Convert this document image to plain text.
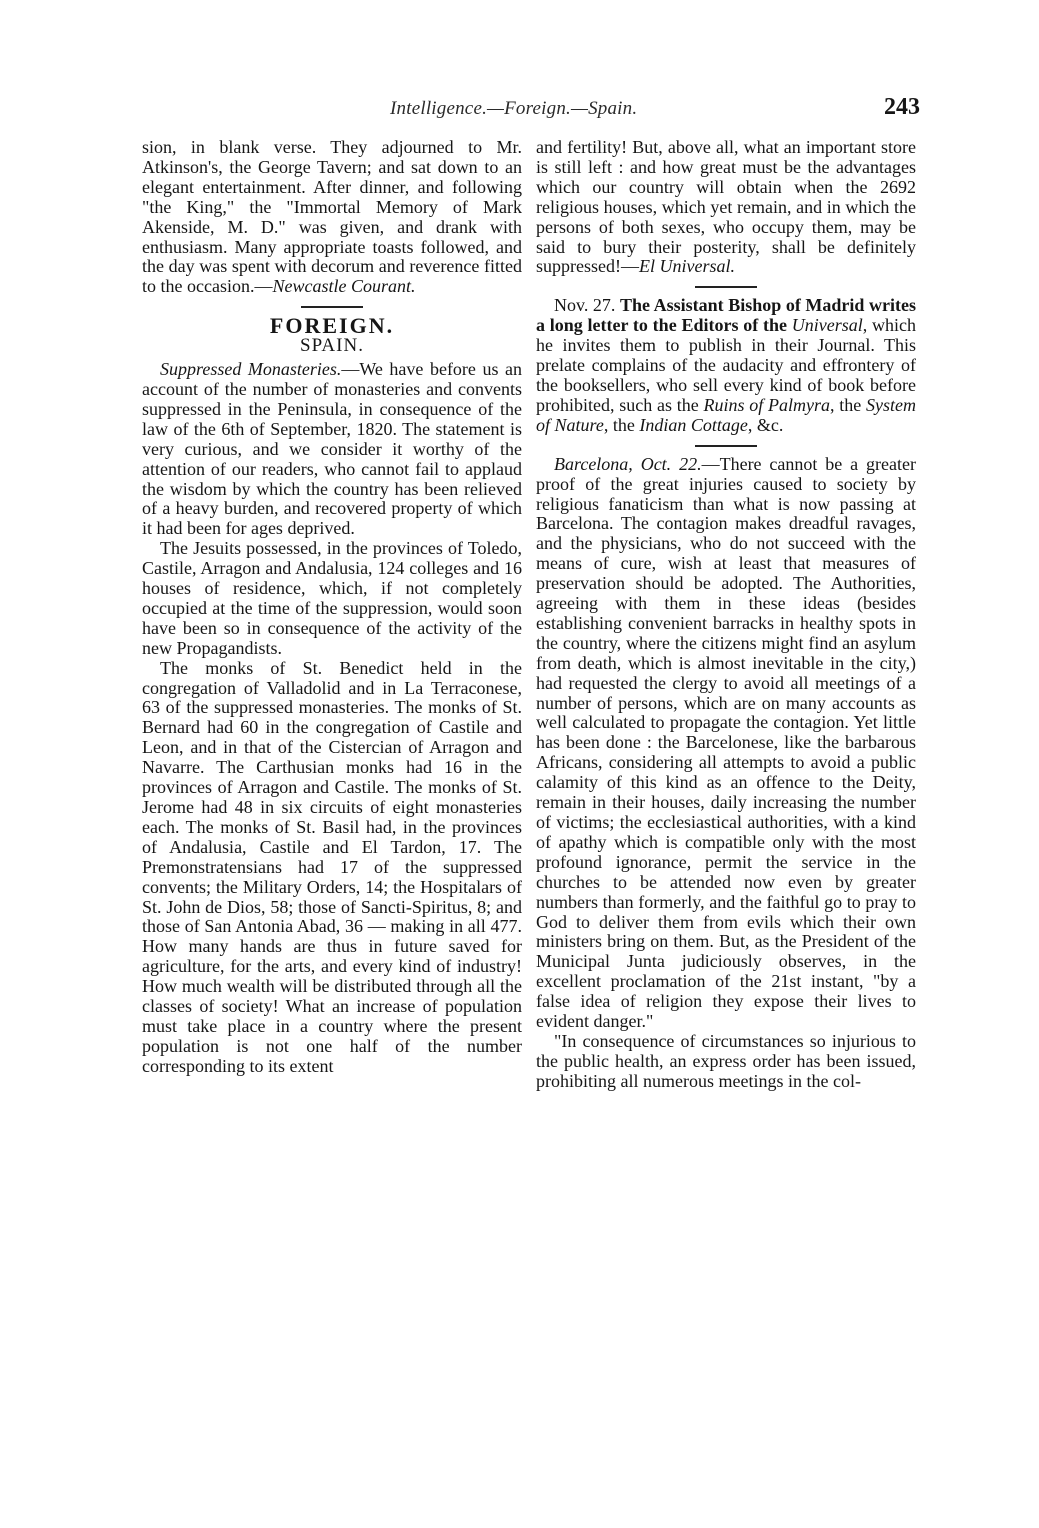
Intelligence.—Foreign.—Spain.	243

sion, in blank verse. They adjourned to Mr. Atkinson's, the George Tavern; and sat down to an elegant entertainment. After dinner, and following "the King," the "Immortal Memory of Mark Akenside, M. D." was given, and drank with enthusiasm. Many appropriate toasts followed, and the day was spent with decorum and reverence fitted to the occasion.—Newcastle Courant.

FOREIGN.
SPAIN.

Suppressed Monasteries.—We have before us an account of the number of monasteries and convents suppressed in the Peninsula, in consequence of the law of the 6th of September, 1820. The statement is very curious, and we consider it worthy of the attention of our readers, who cannot fail to applaud the wisdom by which the country has been relieved of a heavy burden, and recovered property of which it had been for ages deprived.

The Jesuits possessed, in the provinces of Toledo, Castile, Arragon and Andalusia, 124 colleges and 16 houses of residence, which, if not completely occupied at the time of the suppression, would soon have been so in consequence of the activity of the new Propagandists.

The monks of St. Benedict held in the congregation of Valladolid and in La Terraconese, 63 of the suppressed monasteries. The monks of St. Bernard had 60 in the congregation of Castile and Leon, and in that of the Cistercian of Arragon and Navarre. The Carthusian monks had 16 in the provinces of Arragon and Castile. The monks of St. Jerome had 48 in six circuits of eight monasteries each. The monks of St. Basil had, in the provinces of Andalusia, Castile and El Tardon, 17. The Premonstratensians had 17 of the suppressed convents; the Military Orders, 14; the Hospitalars of St. John de Dios, 58; those of Sancti-Spiritus, 8; and those of San Antonia Abad, 36 — making in all 477. How many hands are thus in future saved for agriculture, for the arts, and every kind of industry! How much wealth will be distributed through all the classes of society! What an increase of population must take place in a country where the present population is not one half of the number corresponding to its extent

and fertility! But, above all, what an important store is still left : and how great must be the advantages which our country will obtain when the 2692 religious houses, which yet remain, and in which the persons of both sexes, who occupy them, may be said to bury their posterity, shall be definitely suppressed!—El Universal.

Nov. 27. The Assistant Bishop of Madrid writes a long letter to the Editors of the Universal, which he invites them to publish in their Journal. This prelate complains of the audacity and effrontery of the booksellers, who sell every kind of book before prohibited, such as the Ruins of Palmyra, the System of Nature, the Indian Cottage, &c.

Barcelona, Oct. 22.—There cannot be a greater proof of the great injuries caused to society by religious fanaticism than what is now passing at Barcelona. The contagion makes dreadful ravages, and the physicians, who do not succeed with the means of cure, wish at least that measures of preservation should be adopted. The Authorities, agreeing with them in these ideas (besides establishing convenient barracks in healthy spots in the country, where the citizens might find an asylum from death, which is almost inevitable in the city,) had requested the clergy to avoid all meetings of a number of persons, which are on many accounts as well calculated to propagate the contagion. Yet little has been done : the Barcelonese, like the barbarous Africans, considering all attempts to avoid a public calamity of this kind as an offence to the Deity, remain in their houses, daily increasing the number of victims; the ecclesiastical authorities, with a kind of apathy which is compatible only with the most profound ignorance, permit the service in the churches to be attended now even by greater numbers than formerly, and the faithful go to pray to God to deliver them from evils which their own ministers bring on them. But, as the President of the Municipal Junta judiciously observes, in the excellent proclamation of the 21st instant, "by a false idea of religion they expose their lives to evident danger."

"In consequence of circumstances so injurious to the public health, an express order has been issued, prohibiting all numerous meetings in the col-
